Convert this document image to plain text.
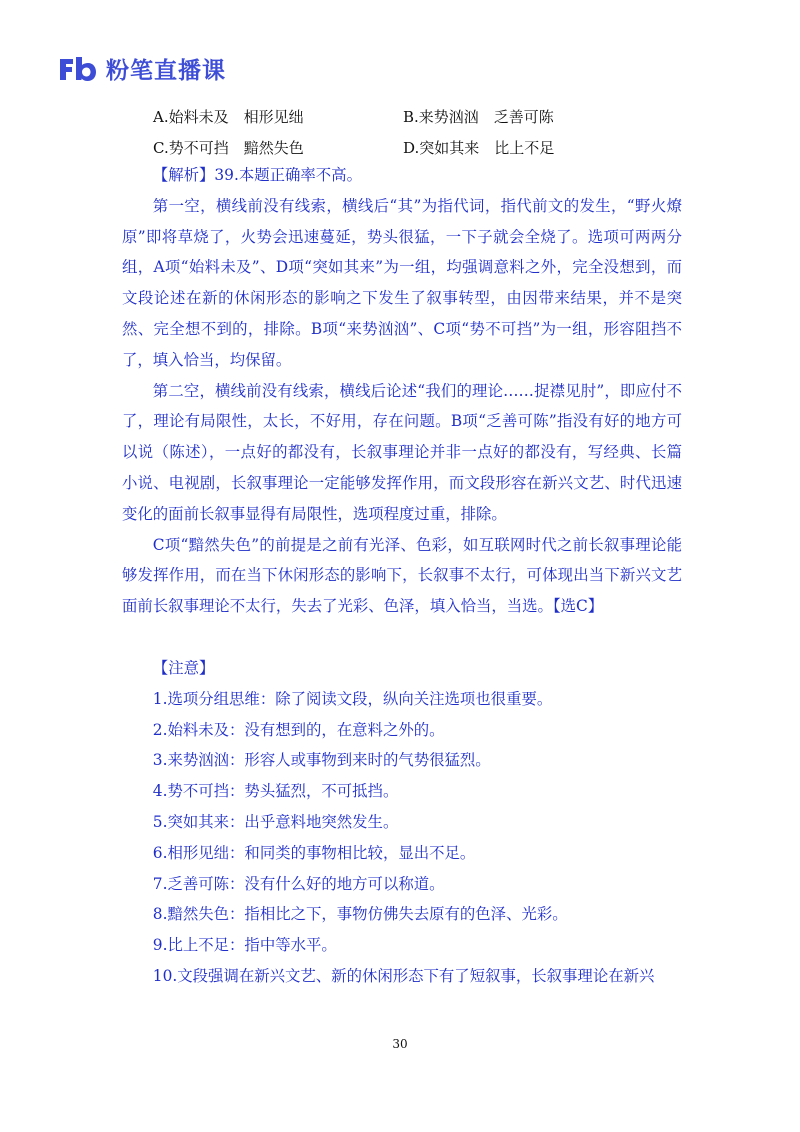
粉笔直播课
A.始料未及　相形见绌	B.来势汹汹　乏善可陈
C.势不可挡　黯然失色	D.突如其来　比上不足

【解析】39.本题正确率不高。

第一空，横线前没有线索，横线后“其”为指代词，指代前文的发生，“野火燎原”即将草烧了，火势会迅速蔓延，势头很猛，一下子就会全烧了。选项可两两分组，A项“始料未及”、D项“突如其来”为一组，均强调意料之外，完全没想到，而文段论述在新的休闲形态的影响之下发生了叙事转型，由因带来结果，并不是突然、完全想不到的，排除。B项“来势汹汹”、C项“势不可挡”为一组，形容阻挡不了，填入恰当，均保留。

第二空，横线前没有线索，横线后论述“我们的理论……捉襟见肘”，即应付不了，理论有局限性，太长，不好用，存在问题。B项“乏善可陈”指没有好的地方可以说（陈述），一点好的都没有，长叙事理论并非一点好的都没有，写经典、长篇小说、电视剧，长叙事理论一定能够发挥作用，而文段形容在新兴文艺、时代迅速变化的面前长叙事显得有局限性，选项程度过重，排除。

C项“黯然失色”的前提是之前有光泽、色彩，如互联网时代之前长叙事理论能够发挥作用，而在当下休闲形态的影响下，长叙事不太行，可体现出当下新兴文艺面前长叙事理论不太行，失去了光彩、色泽，填入恰当，当选。【选C】

【注意】

1.选项分组思维：除了阅读文段，纵向关注选项也很重要。

2.始料未及：没有想到的，在意料之外的。

3.来势汹汹：形容人或事物到来时的气势很猛烈。

4.势不可挡：势头猛烈，不可抵挡。

5.突如其来：出乎意料地突然发生。

6.相形见绌：和同类的事物相比较，显出不足。

7.乏善可陈：没有什么好的地方可以称道。

8.黯然失色：指相比之下，事物仿佛失去原有的色泽、光彩。

9.比上不足：指中等水平。

10.文段强调在新兴文艺、新的休闲形态下有了短叙事，长叙事理论在新兴

30
